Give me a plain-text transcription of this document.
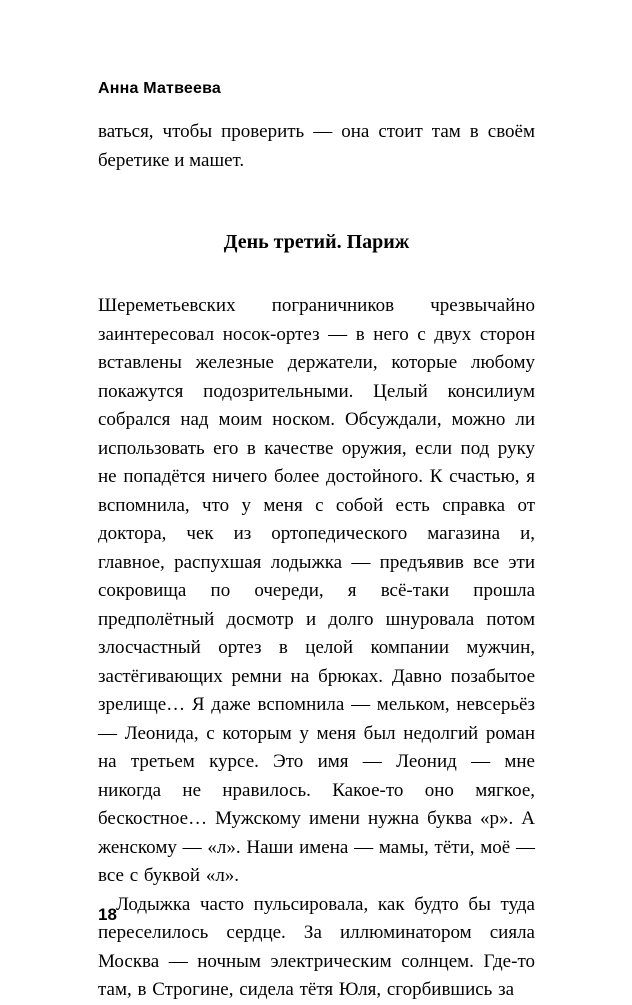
Анна Матвеева

ваться, чтобы проверить — она стоит там в своём беретике и машет.

День третий. Париж

Шереметьевских пограничников чрезвычайно заинтересовал носок-ортез — в него с двух сторон вставлены железные держатели, которые любому покажутся подозрительными. Целый консилиум собрался над моим носком. Обсуждали, можно ли использовать его в качестве оружия, если под руку не попадётся ничего более достойного. К счастью, я вспомнила, что у меня с собой есть справка от доктора, чек из ортопедического магазина и, главное, распухшая лодыжка — предъявив все эти сокровища по очереди, я всё-таки прошла предполётный досмотр и долго шнуровала потом злосчастный ортез в целой компании мужчин, застёгивающих ремни на брюках. Давно позабытое зрелище… Я даже вспомнила — мельком, невсерьёз — Леонида, с которым у меня был недолгий роман на третьем курсе. Это имя — Леонид — мне никогда не нравилось. Какое-то оно мягкое, бескостное… Мужскому имени нужна буква «р». А женскому — «л». Наши имена — мамы, тёти, моё — все с буквой «л».

Лодыжка часто пульсировала, как будто бы туда переселилось сердце. За иллюминатором сияла Москва — ночным электрическим солнцем. Где-то там, в Строгине, сидела тётя Юля, сгорбившись за

18
